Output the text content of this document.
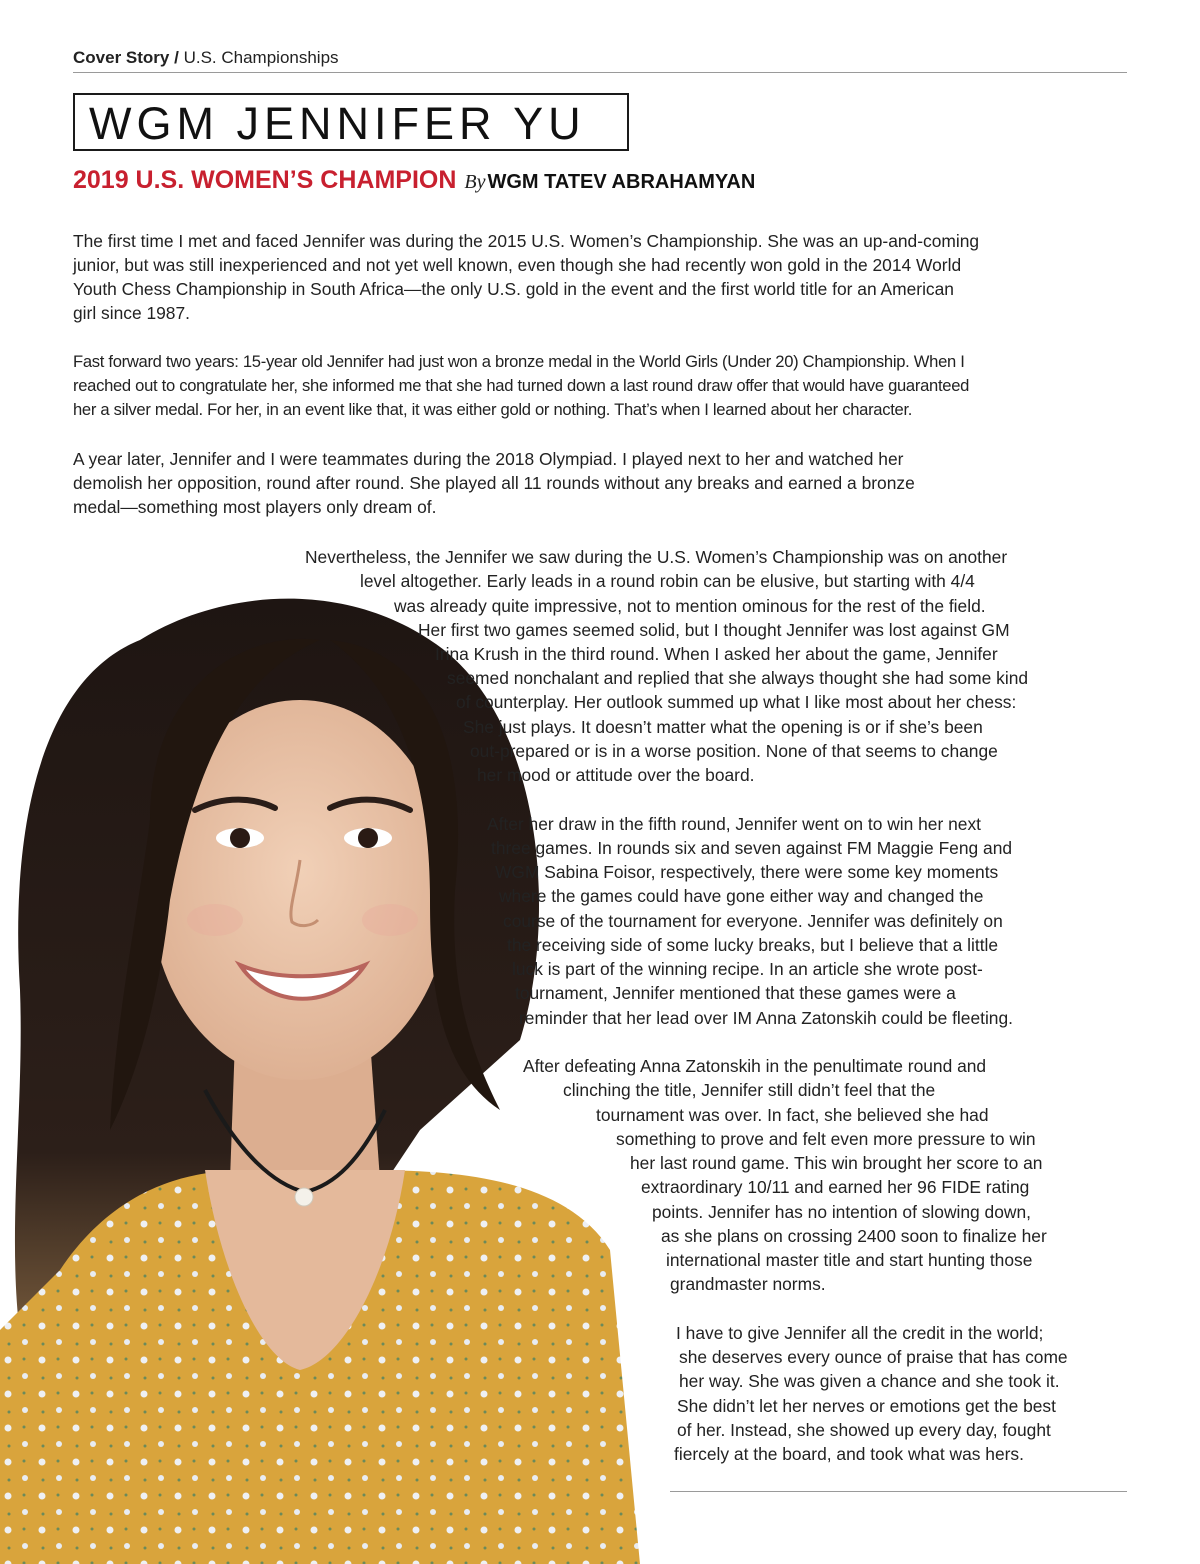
Cover Story / U.S. Championships
WGM JENNIFER YU
2019 U.S. WOMEN’S CHAMPION By WGM TATEV ABRAHAMYAN
The first time I met and faced Jennifer was during the 2015 U.S. Women’s Championship. She was an up-and-coming
junior, but was still inexperienced and not yet well known, even though she had recently won gold in the 2014 World
Youth Chess Championship in South Africa—the only U.S. gold in the event and the first world title for an American
girl since 1987.
Fast forward two years: 15-year old Jennifer had just won a bronze medal in the World Girls (Under 20) Championship. When I
reached out to congratulate her, she informed me that she had turned down a last round draw offer that would have guaranteed
her a silver medal. For her, in an event like that, it was either gold or nothing. That’s when I learned about her character.
A year later, Jennifer and I were teammates during the 2018 Olympiad. I played next to her and watched her
demolish her opposition, round after round. She played all 11 rounds without any breaks and earned a bronze
medal—something most players only dream of.
Nevertheless, the Jennifer we saw during the U.S. Women’s Championship was on another
level altogether. Early leads in a round robin can be elusive, but starting with 4/4
was already quite impressive, not to mention ominous for the rest of the field.
Her first two games seemed solid, but I thought Jennifer was lost against GM
Irina Krush in the third round. When I asked her about the game, Jennifer
seemed nonchalant and replied that she always thought she had some kind
of counterplay. Her outlook summed up what I like most about her chess:
She just plays. It doesn’t matter what the opening is or if she’s been
out-prepared or is in a worse position. None of that seems to change
her mood or attitude over the board.
After her draw in the fifth round, Jennifer went on to win her next
three games. In rounds six and seven against FM Maggie Feng and
WGM Sabina Foisor, respectively, there were some key moments
where the games could have gone either way and changed the
course of the tournament for everyone. Jennifer was definitely on
the receiving side of some lucky breaks, but I believe that a little
luck is part of the winning recipe. In an article she wrote post-
tournament, Jennifer mentioned that these games were a
reminder that her lead over IM Anna Zatonskih could be fleeting.
After defeating Anna Zatonskih in the penultimate round and
clinching the title, Jennifer still didn’t feel that the
tournament was over. In fact, she believed she had
something to prove and felt even more pressure to win
her last round game. This win brought her score to an
extraordinary 10/11 and earned her 96 FIDE rating
points. Jennifer has no intention of slowing down,
as she plans on crossing 2400 soon to finalize her
international master title and start hunting those
grandmaster norms.
I have to give Jennifer all the credit in the world;
she deserves every ounce of praise that has come
her way. She was given a chance and she took it.
She didn’t let her nerves or emotions get the best
of her. Instead, she showed up every day, fought
fiercely at the board, and took what was hers.
